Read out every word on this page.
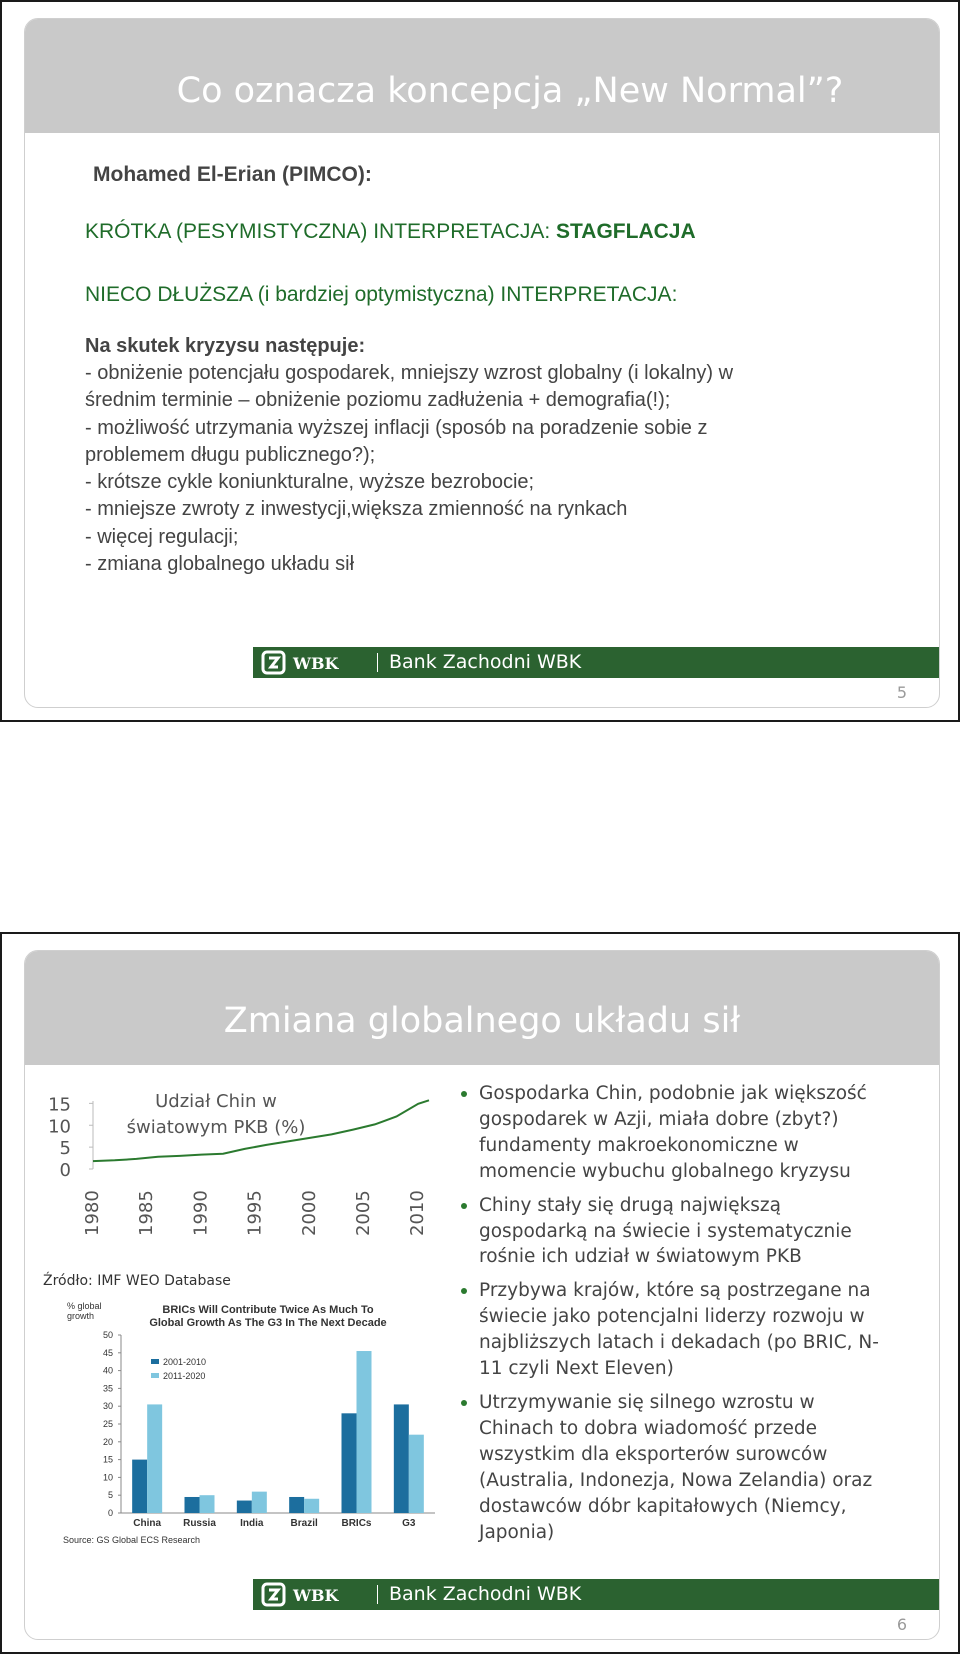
Co oznacza koncepcja „New Normal”?
Mohamed El-Erian (PIMCO):
KRÓTKA (PESYMISTYCZNA) INTERPRETACJA: STAGFLACJA
NIECO DŁUŻSZA (i bardziej optymistyczna) INTERPRETACJA:
Na skutek kryzysu następuje:
- obniżenie potencjału gospodarek, mniejszy wzrost globalny (i lokalny) w
średnim terminie – obniżenie poziomu zadłużenia + demografia(!);
- możliwość utrzymania wyższej inflacji (sposób na poradzenie sobie z
problemem długu publicznego?);
- krótsze cykle koniunkturalne, wyższe bezrobocie;
- mniejsze zwroty z inwestycji,większa zmienność na rynkach
- więcej regulacji;
- zmiana globalnego układu sił
WBK	Bank Zachodni WBK
5
Zmiana globalnego układu sił
Udział Chin w światowym PKB (%)
15
10
5
0
1980 1985 1990 1995 2000 2005 2010
Źródło: IMF WEO Database
BRICs Will Contribute Twice As Much To
Global Growth As The G3 In The Next Decade
% global
growth
0
5
10
15
20
25
30
35
40
45
50
2001-2010
2011-2020
China Russia India	Brazil BRICs	G3
Source: GS Global ECS Research
Gospodarka Chin, podobnie jak większość gospodarek w Azji, miała dobre (zbyt?) fundamenty makroekonomiczne w momencie wybuchu globalnego kryzysu
Chiny stały się drugą największą gospodarką na świecie i systematycznie rośnie ich udział w światowym PKB
Przybywa krajów, które są postrzegane na świecie jako potencjalni liderzy rozwoju w najbliższych latach i dekadach (po BRIC, N-11 czyli Next Eleven)
Utrzymywanie się silnego wzrostu w Chinach to dobra wiadomość przede wszystkim dla eksporterów surowców (Australia, Indonezja, Nowa Zelandia) oraz dostawców dóbr kapitałowych (Niemcy, Japonia)
WBK	Bank Zachodni WBK
6
